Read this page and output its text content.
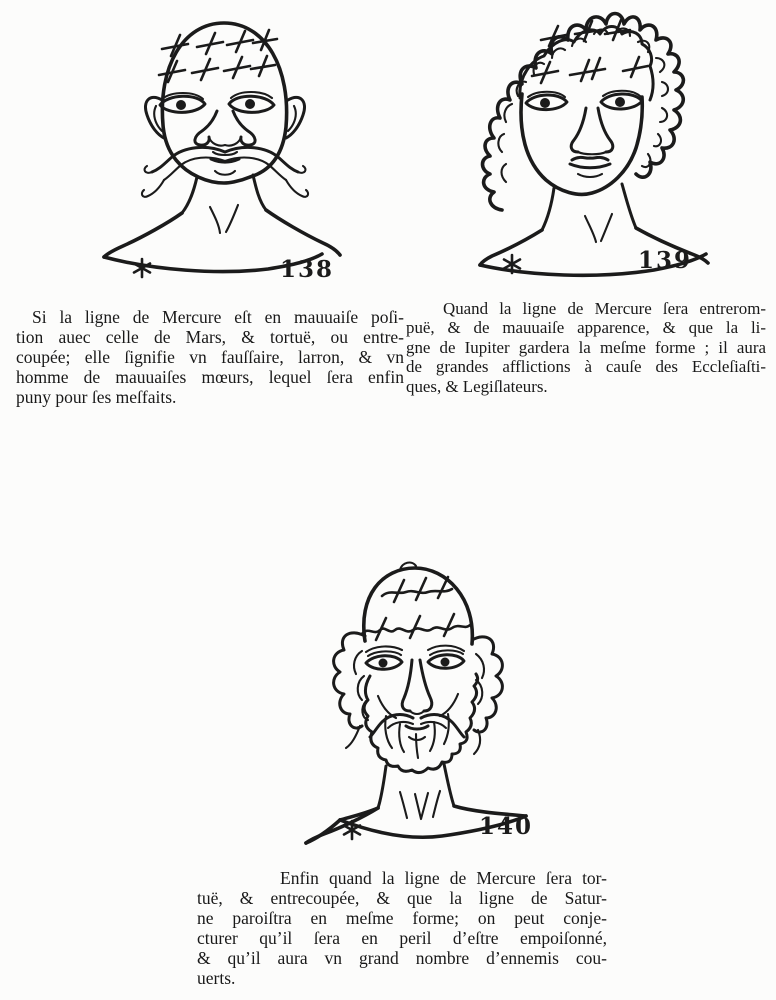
138	139
Si la ligne de Mercure eſt en mauuaiſe poſi-
tion auec celle de Mars, & tortuë, ou entre-
coupée; elle ſignifie vn fauſſaire, larron, & vn
homme de mauuaiſes mœurs, lequel ſera enfin
puny pour ſes meſfaits.
Quand la ligne de Mercure ſera entrerom-
puë, & de mauuaiſe apparence, & que la li-
gne de Iupiter gardera la meſme forme ; il aura
de grandes afflictions à cauſe des Eccleſiaſti-
ques, & Legiſlateurs.
140
Enfin quand la ligne de Mercure ſera tor-
tuë, & entrecoupée, & que la ligne de Satur-
ne paroiſtra en meſme forme; on peut conje-
cturer qu’il ſera en peril d’eſtre empoiſonné,
& qu’il aura vn grand nombre d’ennemis cou-
uerts.
